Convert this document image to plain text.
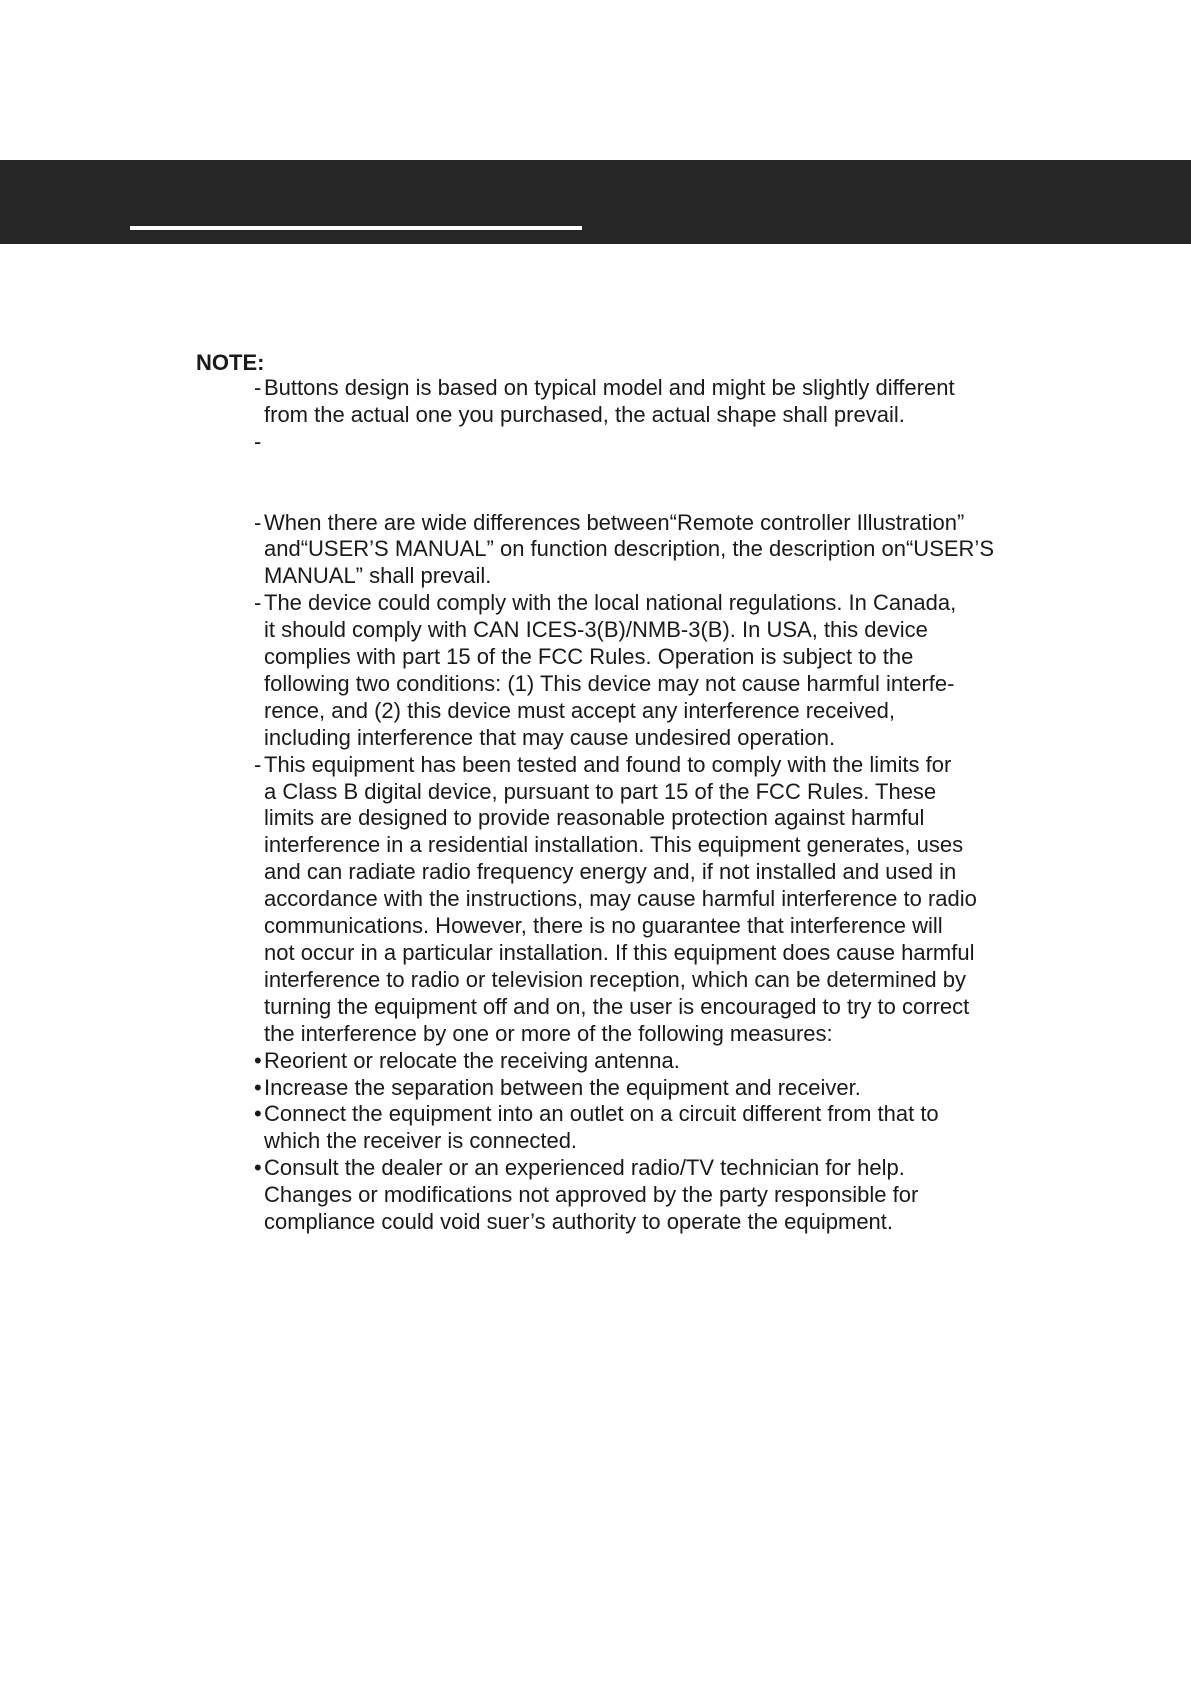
NOTE:
- Buttons design is based on typical model and might be slightly different
from the actual one you purchased, the actual shape shall prevail.
-

- When there are wide differences between“Remote controller Illustration”
and“USER’S MANUAL” on function description, the description on“USER’S
MANUAL” shall prevail.
- The device could comply with the local national regulations. In Canada,
it should comply with CAN ICES-3(B)/NMB-3(B). In USA, this device
complies with part 15 of the FCC Rules. Operation is subject to the
following two conditions: (1) This device may not cause harmful interfe-
rence, and (2) this device must accept any interference received,
including interference that may cause undesired operation.
- This equipment has been tested and found to comply with the limits for
a Class B digital device, pursuant to part 15 of the FCC Rules. These
limits are designed to provide reasonable protection against harmful
interference in a residential installation. This equipment generates, uses
and can radiate radio frequency energy and, if not installed and used in
accordance with the instructions, may cause harmful interference to radio
communications. However, there is no guarantee that interference will
not occur in a particular installation. If this equipment does cause harmful
interference to radio or television reception, which can be determined by
turning the equipment off and on, the user is encouraged to try to correct
the interference by one or more of the following measures:
• Reorient or relocate the receiving antenna.
• Increase the separation between the equipment and receiver.
• Connect the equipment into an outlet on a circuit different from that to
which the receiver is connected.
• Consult the dealer or an experienced radio/TV technician for help.
Changes or modifications not approved by the party responsible for
compliance could void suer’s authority to operate the equipment.
